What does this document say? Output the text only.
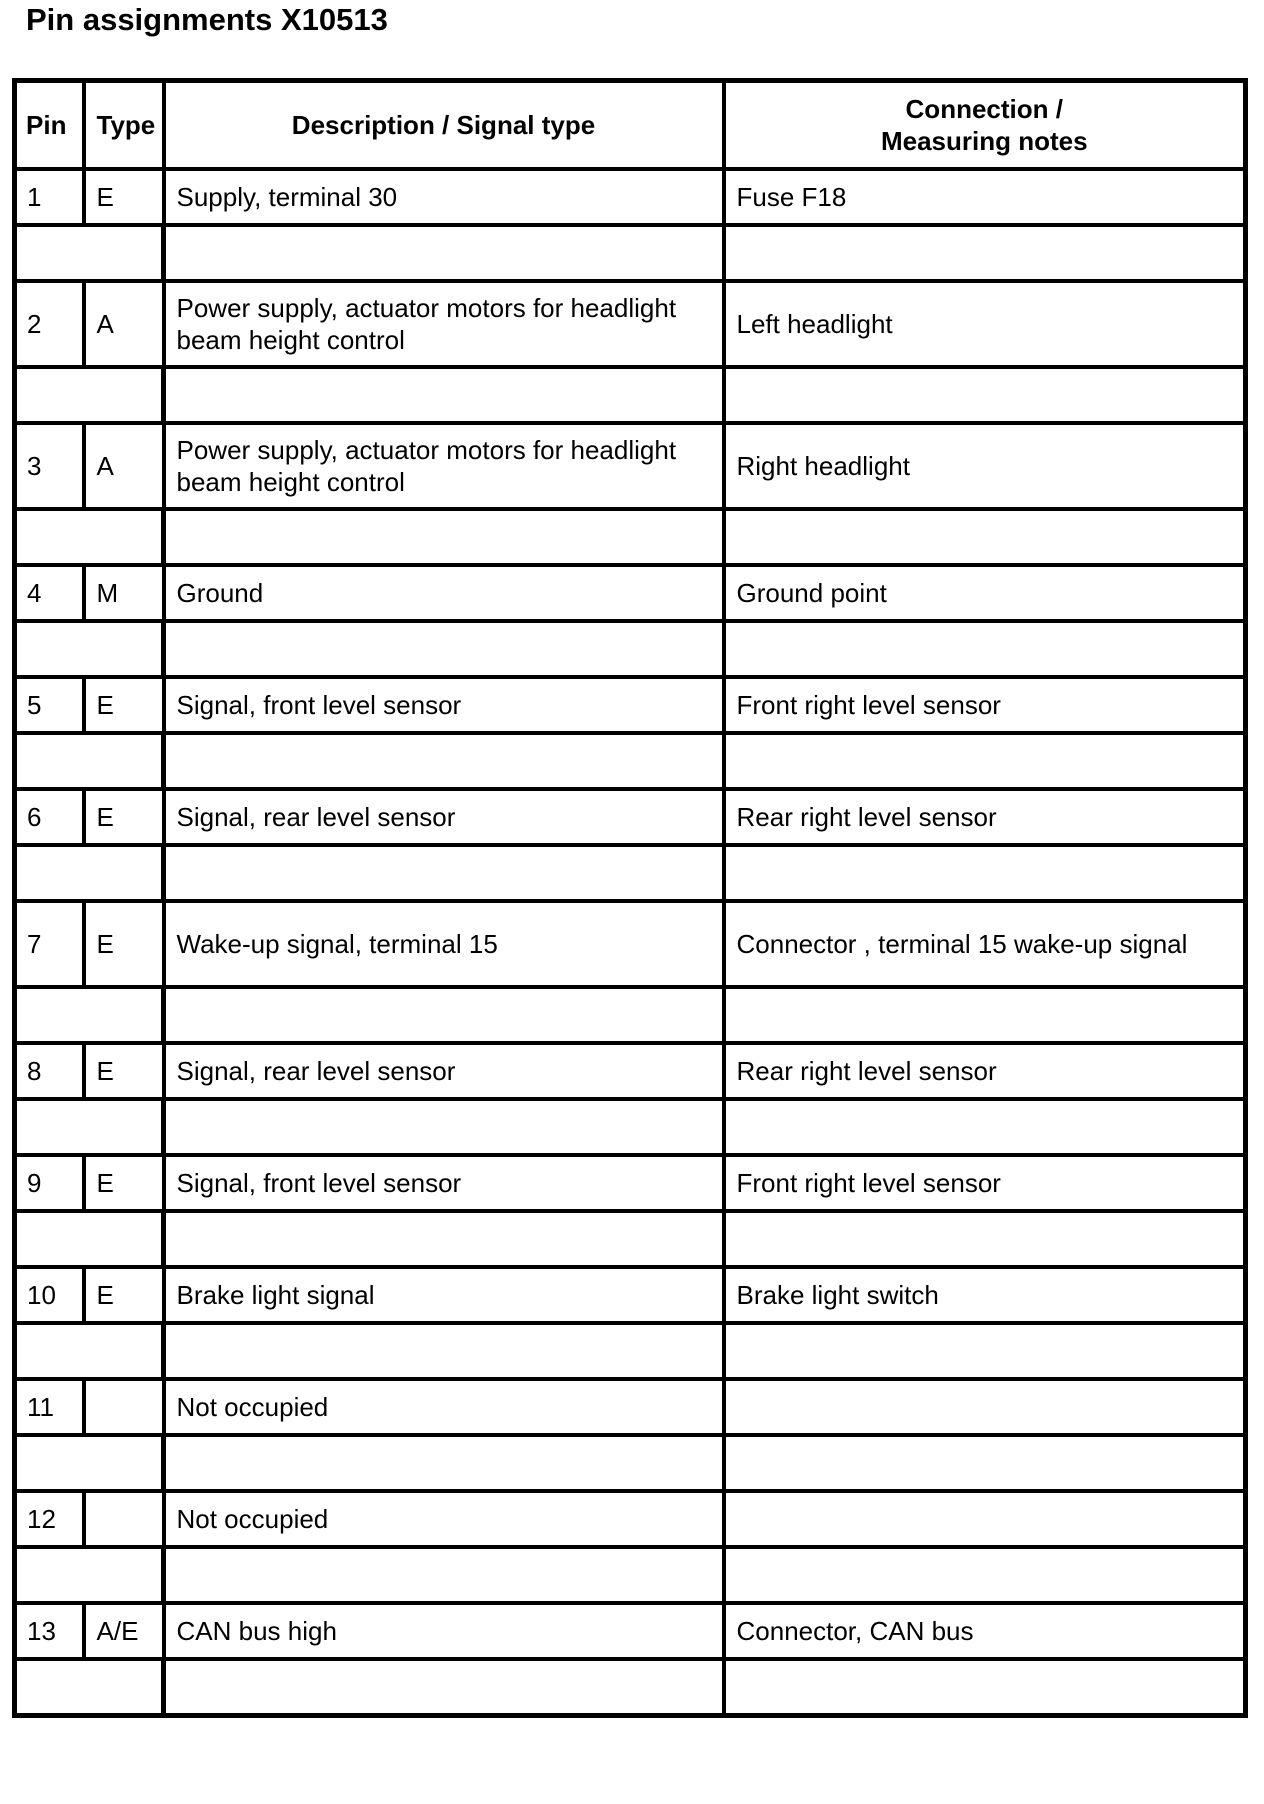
Pin assignments X10513
Pin	Type	Description / Signal type	Connection /
Measuring notes
1	E	Supply, terminal 30	Fuse F18

2	A	Power supply, actuator motors for headlight beam height control	Left headlight

3	A	Power supply, actuator motors for headlight beam height control	Right headlight

4	M	Ground	Ground point

5	E	Signal, front level sensor	Front right level sensor

6	E	Signal, rear level sensor	Rear right level sensor

7	E	Wake-up signal, terminal 15	Connector , terminal 15 wake-up signal

8	E	Signal, rear level sensor	Rear right level sensor

9	E	Signal, front level sensor	Front right level sensor

10	E	Brake light signal	Brake light switch

11		Not occupied	

12		Not occupied	

13	A/E	CAN bus high	Connector, CAN bus
